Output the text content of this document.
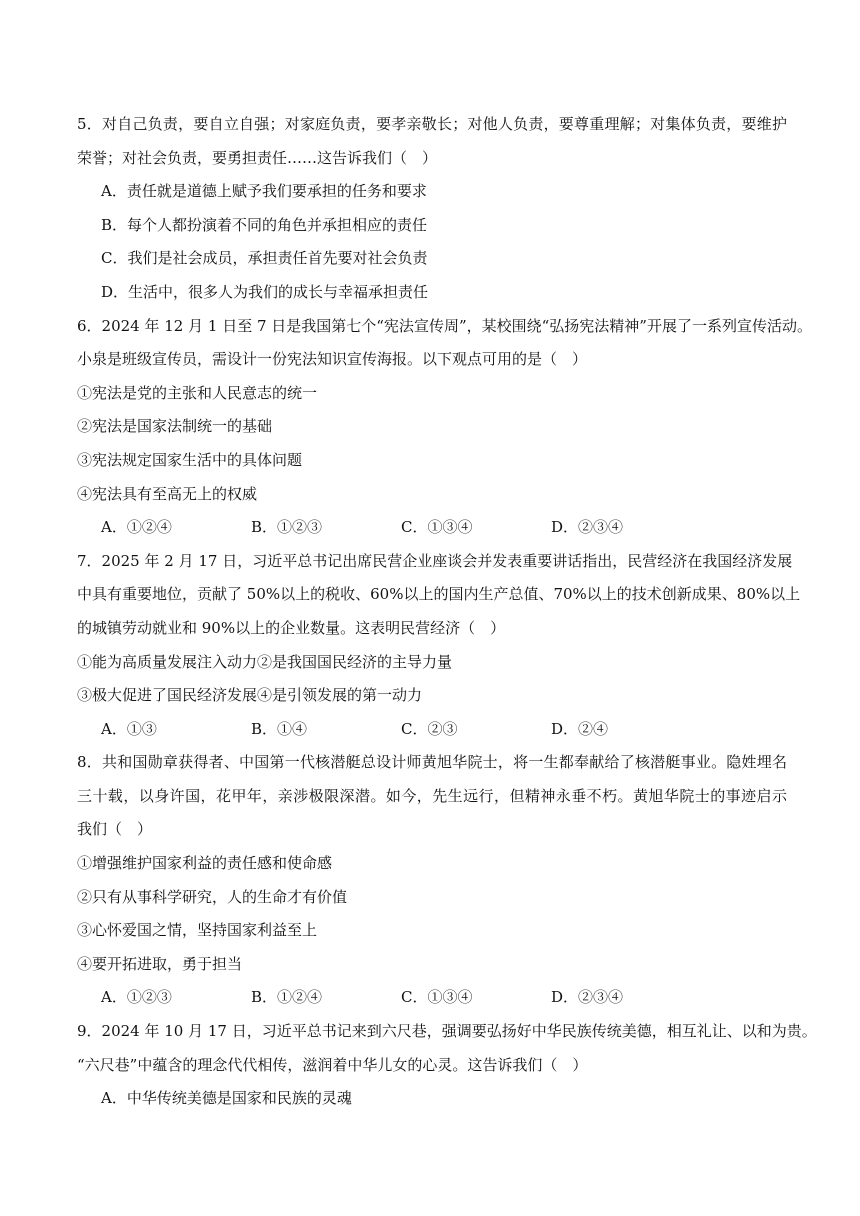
5．对自己负责，要自立自强；对家庭负责，要孝亲敬长；对他人负责，要尊重理解；对集体负责，要维护
荣誉；对社会负责，要勇担责任……这告诉我们（　）
A．责任就是道德上赋予我们要承担的任务和要求
B．每个人都扮演着不同的角色并承担相应的责任
C．我们是社会成员，承担责任首先要对社会负责
D．生活中，很多人为我们的成长与幸福承担责任
6．2024 年 12 月 1 日至 7 日是我国第七个“宪法宣传周”，某校围绕“弘扬宪法精神”开展了一系列宣传活动。
小泉是班级宣传员，需设计一份宪法知识宣传海报。以下观点可用的是（　）
①宪法是党的主张和人民意志的统一
②宪法是国家法制统一的基础
③宪法规定国家生活中的具体问题
④宪法具有至高无上的权威
A．①②④	B．①②③	C．①③④	D．②③④
7．2025 年 2 月 17 日，习近平总书记出席民营企业座谈会并发表重要讲话指出，民营经济在我国经济发展
中具有重要地位，贡献了 50%以上的税收、60%以上的国内生产总值、70%以上的技术创新成果、80%以上
的城镇劳动就业和 90%以上的企业数量。这表明民营经济（　）
①能为高质量发展注入动力②是我国国民经济的主导力量
③极大促进了国民经济发展④是引领发展的第一动力
A．①③	B．①④	C．②③	D．②④
8．共和国勋章获得者、中国第一代核潜艇总设计师黄旭华院士，将一生都奉献给了核潜艇事业。隐姓埋名
三十载，以身许国，花甲年，亲涉极限深潜。如今，先生远行，但精神永垂不朽。黄旭华院士的事迹启示
我们（　）
①增强维护国家利益的责任感和使命感
②只有从事科学研究，人的生命才有价值
③心怀爱国之情，坚持国家利益至上
④要开拓进取，勇于担当
A．①②③	B．①②④	C．①③④	D．②③④
9．2024 年 10 月 17 日，习近平总书记来到六尺巷，强调要弘扬好中华民族传统美德，相互礼让、以和为贵。
“六尺巷”中蕴含的理念代代相传，滋润着中华儿女的心灵。这告诉我们（　）
A．中华传统美德是国家和民族的灵魂
